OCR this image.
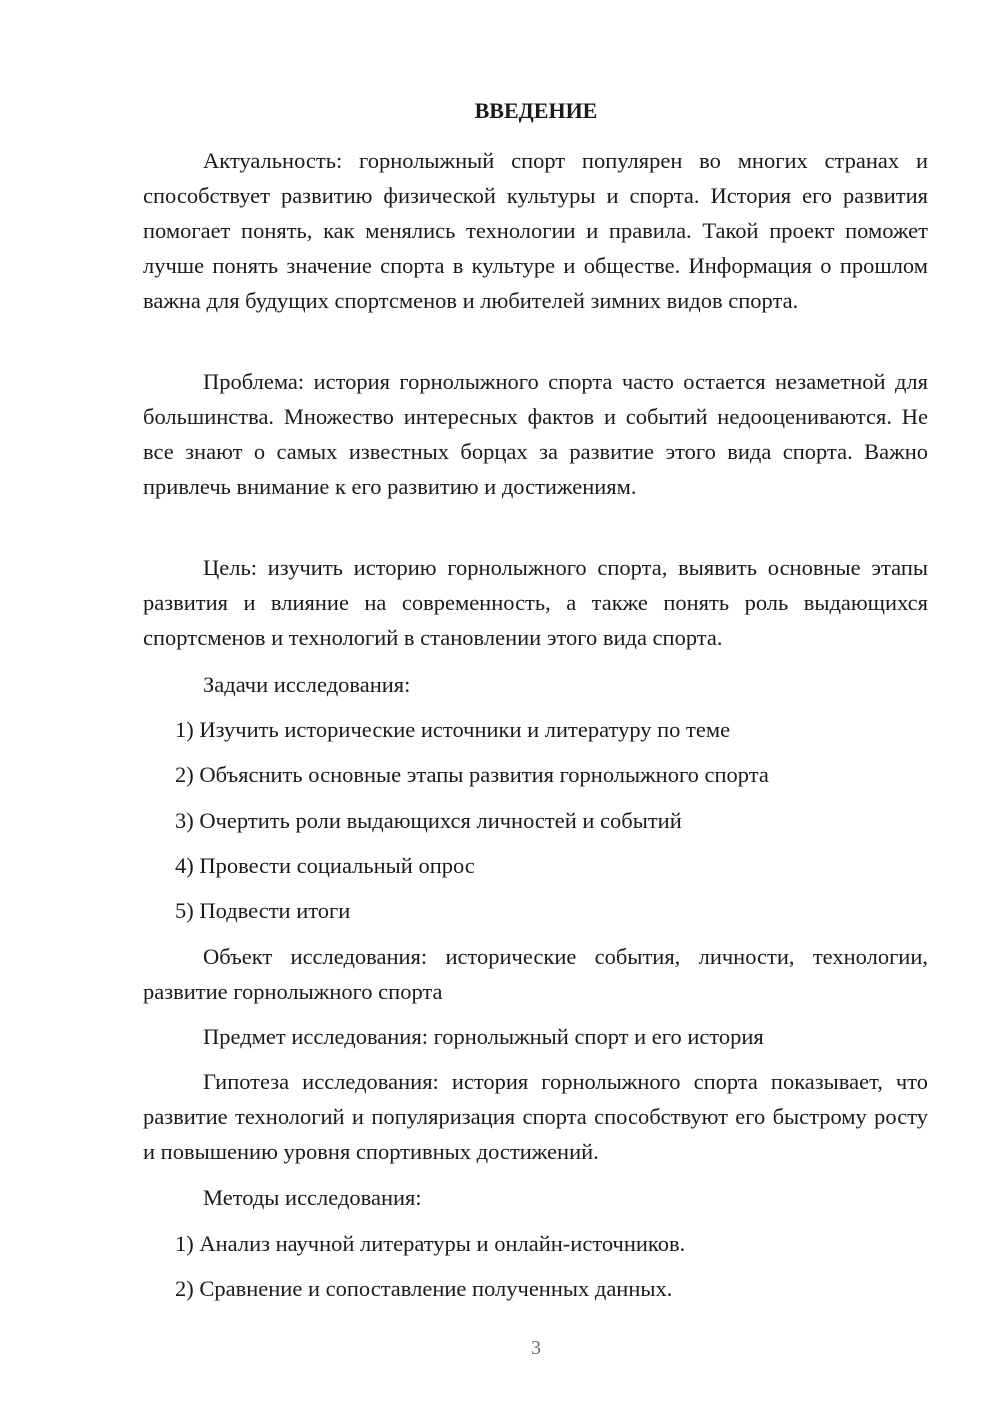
ВВЕДЕНИЕ

Актуальность: горнолыжный спорт популярен во многих странах и способствует развитию физической культуры и спорта. История его развития помогает понять, как менялись технологии и правила. Такой проект поможет лучше понять значение спорта в культуре и обществе. Информация о прошлом важна для будущих спортсменов и любителей зимних видов спорта.

Проблема: история горнолыжного спорта часто остается незаметной для большинства. Множество интересных фактов и событий недооцениваются. Не все знают о самых известных борцах за развитие этого вида спорта. Важно привлечь внимание к его развитию и достижениям.

Цель: изучить историю горнолыжного спорта, выявить основные этапы развития и влияние на современность, а также понять роль выдающихся спортсменов и технологий в становлении этого вида спорта.

Задачи исследования:

1) Изучить исторические источники и литературу по теме
2) Объяснить основные этапы развития горнолыжного спорта
3) Очертить роли выдающихся личностей и событий
4) Провести социальный опрос
5) Подвести итоги

Объект исследования: исторические события, личности, технологии, развитие горнолыжного спорта

Предмет исследования: горнолыжный спорт и его история

Гипотеза исследования: история горнолыжного спорта показывает, что развитие технологий и популяризация спорта способствуют его быстрому росту и повышению уровня спортивных достижений.

Методы исследования:

1) Анализ научной литературы и онлайн-источников.
2) Сравнение и сопоставление полученных данных.
3
